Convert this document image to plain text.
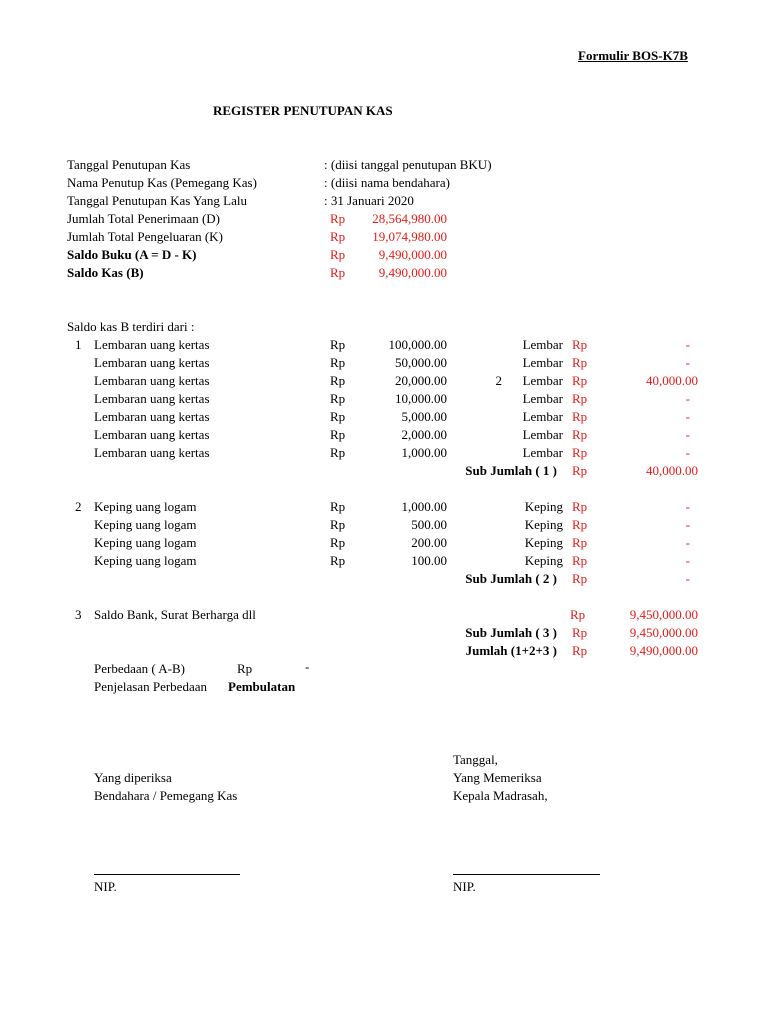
Formulir BOS-K7B
REGISTER PENUTUPAN KAS
Tanggal Penutupan Kas	: (diisi tanggal penutupan BKU)
Nama Penutup Kas (Pemegang Kas)	: (diisi nama bendahara)
Tanggal Penutupan Kas Yang Lalu	: 31 Januari 2020
Jumlah Total Penerimaan (D)	Rp	28,564,980.00
Jumlah Total Pengeluaran (K)	Rp	19,074,980.00
Saldo Buku (A = D - K)	Rp	9,490,000.00
Saldo Kas (B)	Rp	9,490,000.00
Saldo kas B terdiri dari :
1 Lembaran uang kertas	Rp	100,000.00	Lembar Rp	-
Lembaran uang kertas	Rp	50,000.00	Lembar Rp	-
Lembaran uang kertas	Rp	20,000.00	2	Lembar Rp	40,000.00
Lembaran uang kertas	Rp	10,000.00	Lembar Rp	-
Lembaran uang kertas	Rp	5,000.00	Lembar Rp	-
Lembaran uang kertas	Rp	2,000.00	Lembar Rp	-
Lembaran uang kertas	Rp	1,000.00	Lembar Rp	-
Sub Jumlah ( 1 ) Rp	40,000.00
2 Keping uang logam	Rp	1,000.00	Keping Rp	-
Keping uang logam	Rp	500.00	Keping Rp	-
Keping uang logam	Rp	200.00	Keping Rp	-
Keping uang logam	Rp	100.00	Keping Rp	-
Sub Jumlah ( 2 ) Rp	-
3 Saldo Bank, Surat Berharga dll	Rp	9,450,000.00
Sub Jumlah ( 3 ) Rp	9,450,000.00
Jumlah (1+2+3 ) Rp	9,490,000.00
Perbedaan ( A-B)	Rp	-
Penjelasan Perbedaan Pembulatan
Tanggal,
Yang diperiksa	Yang Memeriksa
Bendahara / Pemegang Kas	Kepala Madrasah,
NIP.	NIP.
